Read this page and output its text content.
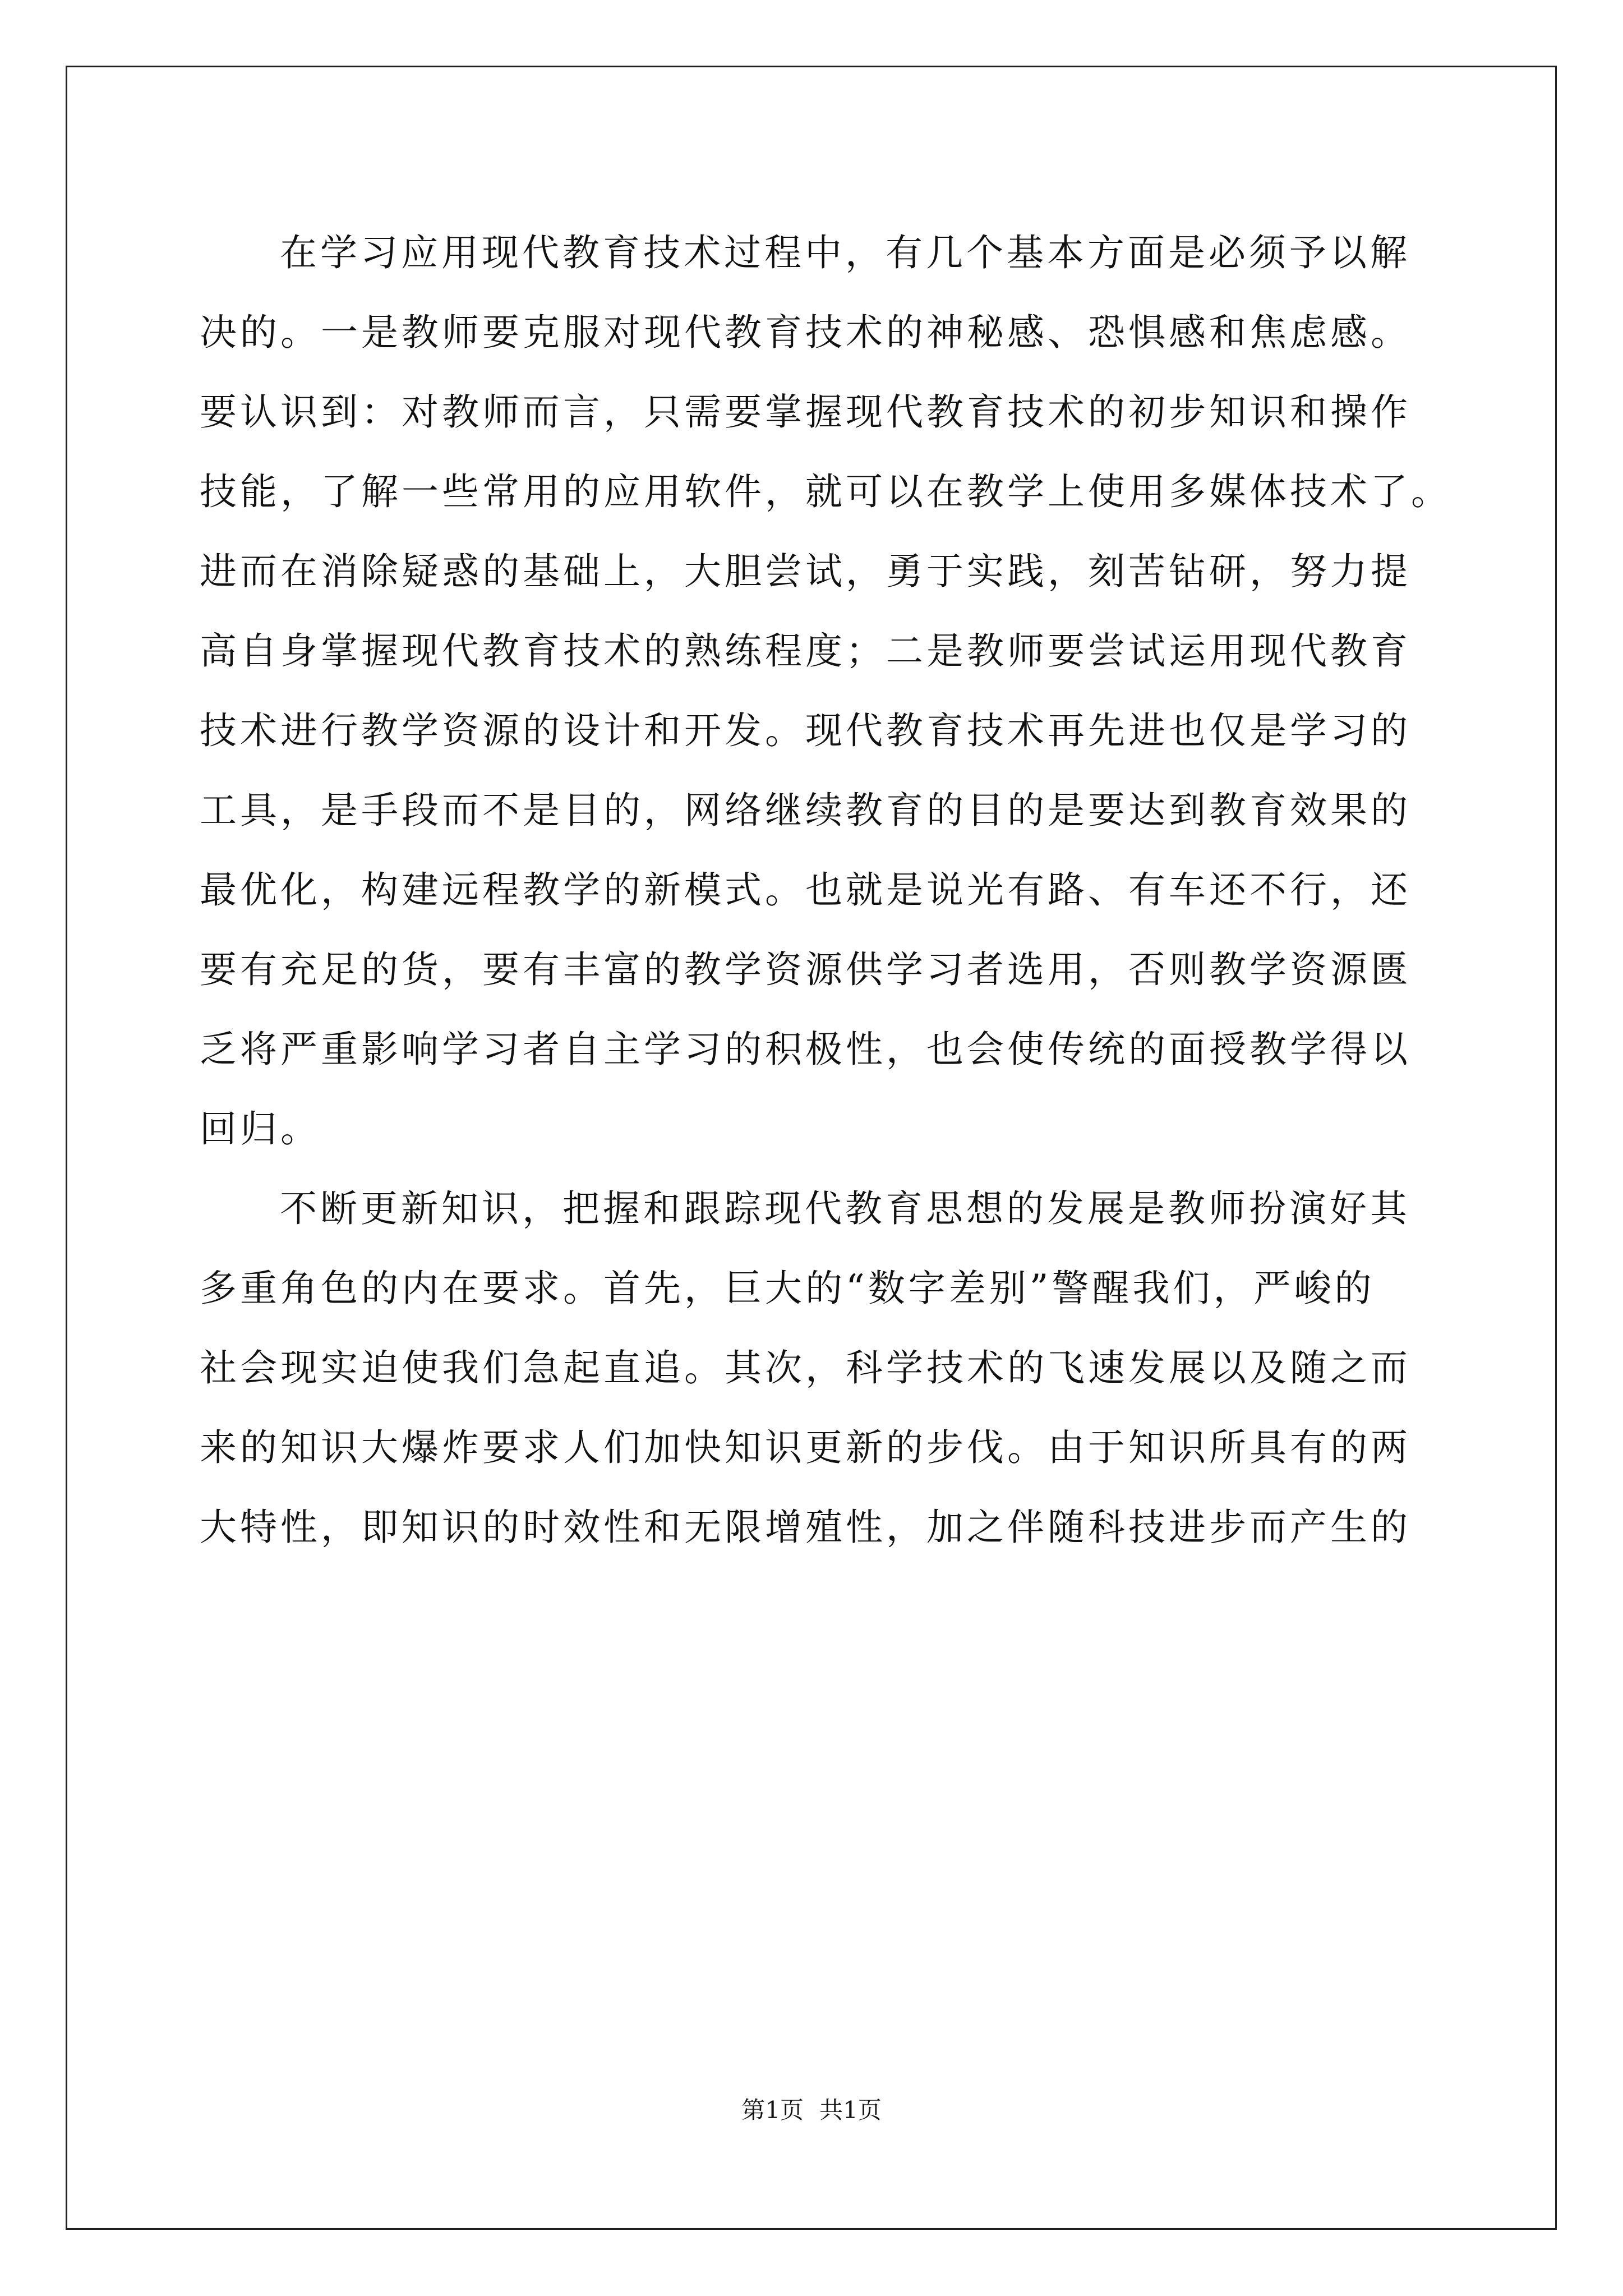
在学习应用现代教育技术过程中，有几个基本方面是必须予以解
决的。一是教师要克服对现代教育技术的神秘感、恐惧感和焦虑感。
要认识到：对教师而言，只需要掌握现代教育技术的初步知识和操作
技能，了解一些常用的应用软件，就可以在教学上使用多媒体技术了。
进而在消除疑惑的基础上，大胆尝试，勇于实践，刻苦钻研，努力提
高自身掌握现代教育技术的熟练程度；二是教师要尝试运用现代教育
技术进行教学资源的设计和开发。现代教育技术再先进也仅是学习的
工具，是手段而不是目的，网络继续教育的目的是要达到教育效果的
最优化，构建远程教学的新模式。也就是说光有路、有车还不行，还
要有充足的货，要有丰富的教学资源供学习者选用，否则教学资源匮
乏将严重影响学习者自主学习的积极性，也会使传统的面授教学得以
回归。
不断更新知识，把握和跟踪现代教育思想的发展是教师扮演好其
多重角色的内在要求。首先，巨大的“数字差别”警醒我们，严峻的
社会现实迫使我们急起直追。其次，科学技术的飞速发展以及随之而
来的知识大爆炸要求人们加快知识更新的步伐。由于知识所具有的两
大特性，即知识的时效性和无限增殖性，加之伴随科技进步而产生的
第1页 共1页
